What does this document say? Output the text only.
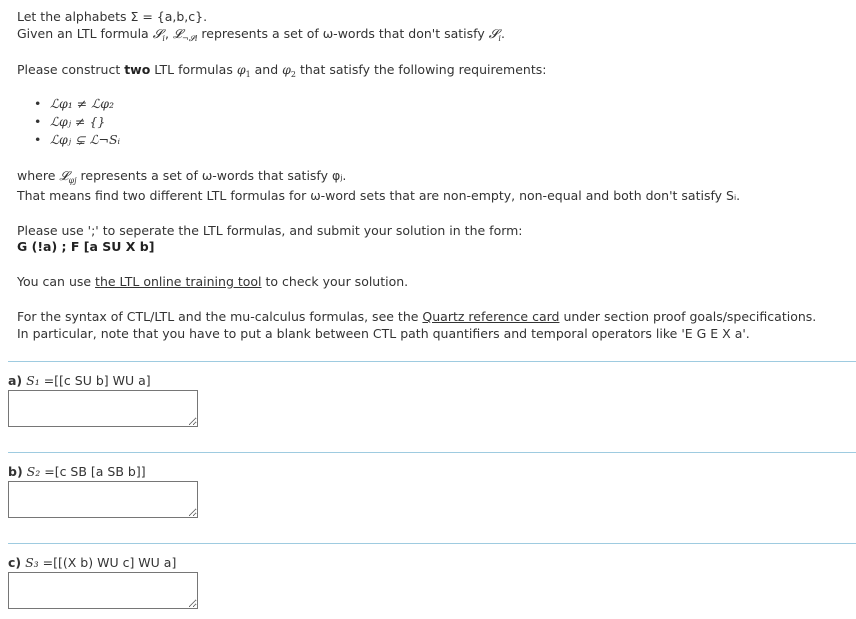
Let the alphabets Σ = {a,b,c}.
Given an LTL formula 𝓢$_i$, 𝓛$_{\neg 𝓢i}$ represents a set of ω-words that don't satisfy 𝓢$_i$.
Please construct two LTL formulas $\varphi_1$ and $\varphi_2$ that satisfy the following requirements:
• ℒφ₁ ≠ ℒφ₂
• ℒφⱼ ≠ {}
• ℒφⱼ ⊊ ℒ¬Sᵢ
where 𝓛$_{\varphi j}$ represents a set of ω-words that satisfy φⱼ.
That means find two different LTL formulas for ω-word sets that are non-empty, non-equal and both don't satisfy Sᵢ.
Please use ';' to seperate the LTL formulas, and submit your solution in the form:
G (!a) ; F [a SU X b]
You can use the LTL online training tool to check your solution.
For the syntax of CTL/LTL and the mu-calculus formulas, see the Quartz reference card under section proof goals/specifications.
In particular, note that you have to put a blank between CTL path quantifiers and temporal operators like 'E G E X a'.
a) S₁ =[[c SU b] WU a]
b) S₂ =[c SB [a SB b]]
c) S₃ =[[(X b) WU c] WU a]
